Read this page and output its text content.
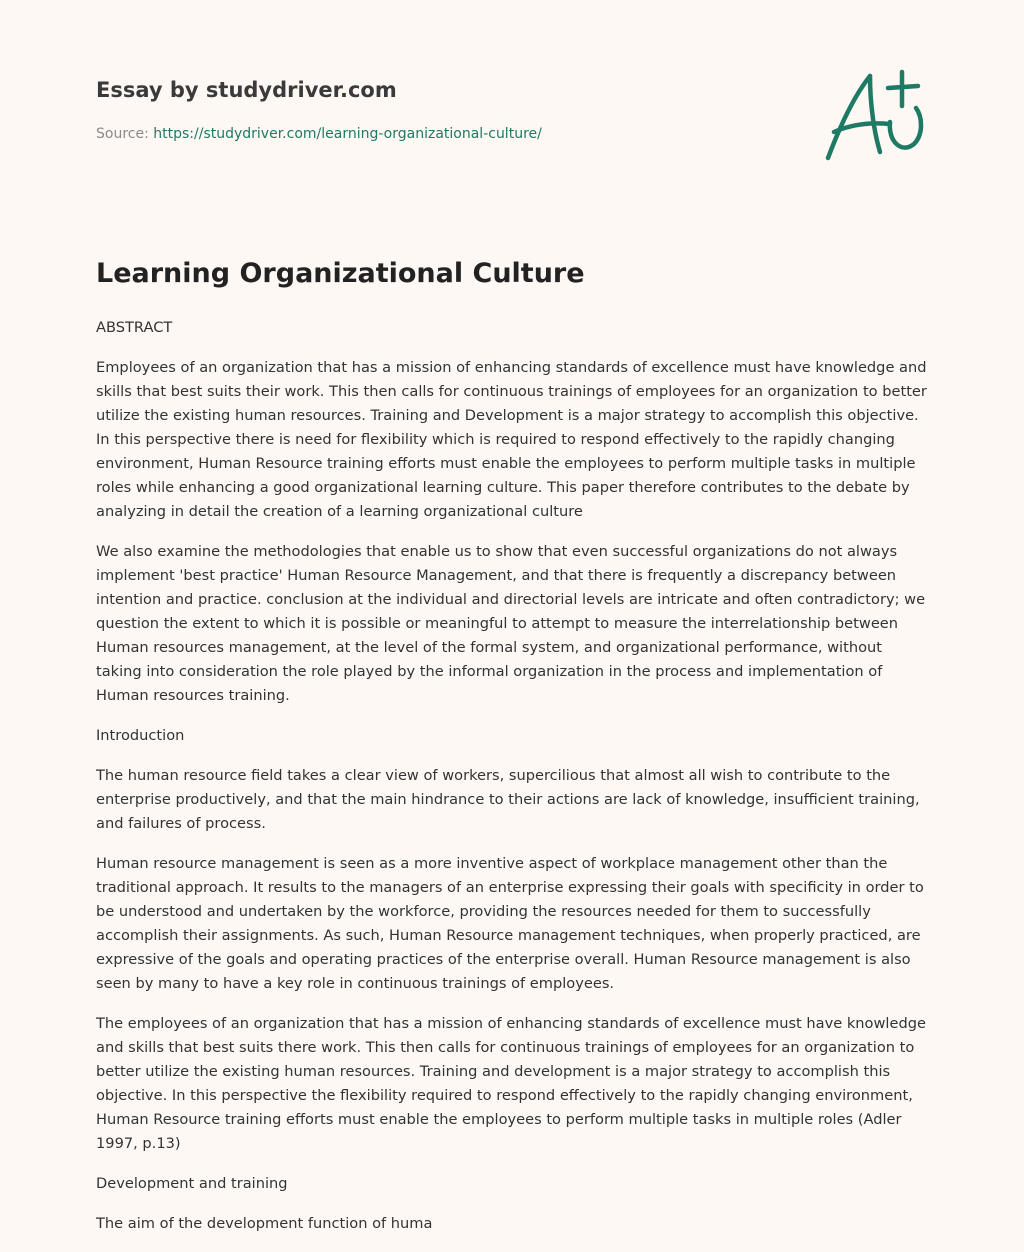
Essay by studydriver.com
Source: https://studydriver.com/learning-organizational-culture/
Learning Organizational Culture

ABSTRACT

Employees of an organization that has a mission of enhancing standards of excellence must have knowledge and skills that best suits their work. This then calls for continuous trainings of employees for an organization to better utilize the existing human resources. Training and Development is a major strategy to accomplish this objective. In this perspective there is need for flexibility which is required to respond effectively to the rapidly changing environment, Human Resource training efforts must enable the employees to perform multiple tasks in multiple roles while enhancing a good organizational learning culture. This paper therefore contributes to the debate by analyzing in detail the creation of a learning organizational culture

We also examine the methodologies that enable us to show that even successful organizations do not always implement 'best practice' Human Resource Management, and that there is frequently a discrepancy between intention and practice. conclusion at the individual and directorial levels are intricate and often contradictory; we question the extent to which it is possible or meaningful to attempt to measure the interrelationship between Human resources management, at the level of the formal system, and organizational performance, without taking into consideration the role played by the informal organization in the process and implementation of Human resources training.

Introduction

The human resource field takes a clear view of workers, supercilious that almost all wish to contribute to the enterprise productively, and that the main hindrance to their actions are lack of knowledge, insufficient training, and failures of process.

Human resource management is seen as a more inventive aspect of workplace management other than the traditional approach. It results to the managers of an enterprise expressing their goals with specificity in order to be understood and undertaken by the workforce, providing the resources needed for them to successfully accomplish their assignments. As such, Human Resource management techniques, when properly practiced, are expressive of the goals and operating practices of the enterprise overall. Human Resource management is also seen by many to have a key role in continuous trainings of employees.

The employees of an organization that has a mission of enhancing standards of excellence must have knowledge and skills that best suits there work. This then calls for continuous trainings of employees for an organization to better utilize the existing human resources. Training and development is a major strategy to accomplish this objective. In this perspective the flexibility required to respond effectively to the rapidly changing environment, Human Resource training efforts must enable the employees to perform multiple tasks in multiple roles (Adler 1997, p.13)

Development and training

The aim of the development function of huma
